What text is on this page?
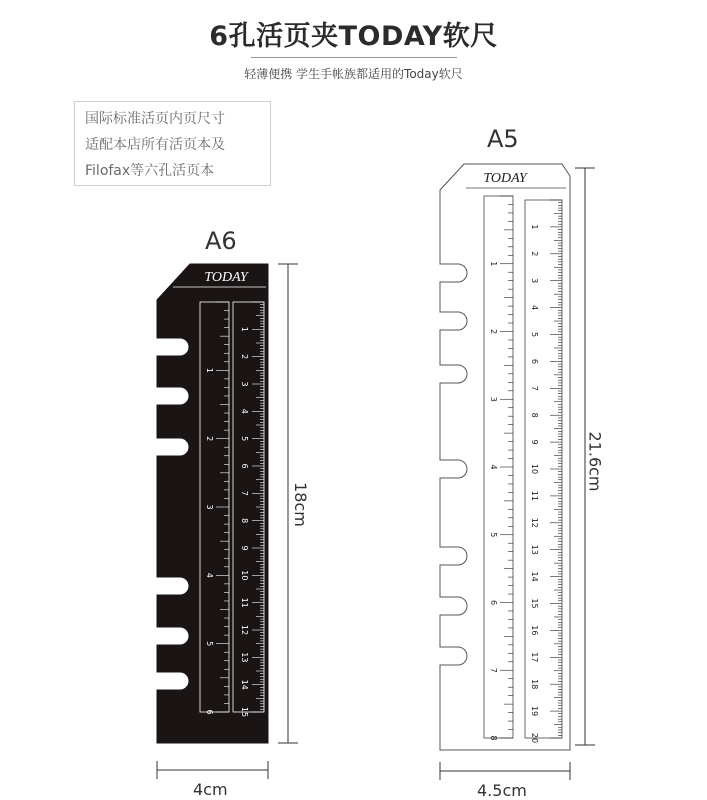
6孔活页夹TODAY软尺
轻薄便携 学生手帐族都适用的Today软尺
国际标准活页内页尺寸
适配本店所有活页本及
Filofax等六孔活页本
A6
A5
TODAY
1
2
3
4
5
6
1
2
3
4
5
6
7
8
9
10
11
12
13
14
15
TODAY
1
2
3
4
5
6
7
8
1
2
3
4
5
6
7
8
9
10
11
12
13
14
15
16
17
18
19
20
18cm
4cm
21.6cm
4.5cm
